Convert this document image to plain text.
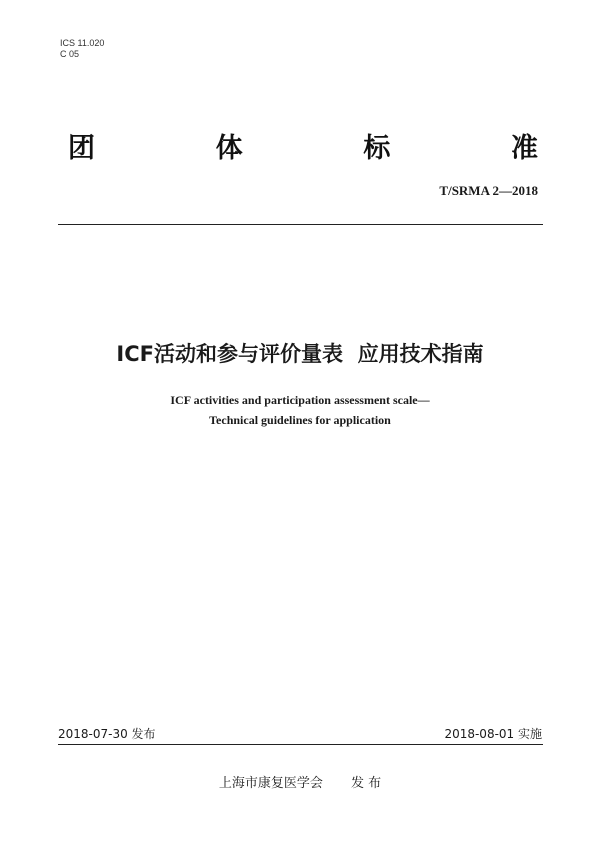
ICS 11.020
C 05
团	体	标	准
T/SRMA 2—2018
ICF活动和参与评价量表  应用技术指南
ICF activities and participation assessment scale—
Technical guidelines for application
2018-07-30 发布	2018-08-01 实施
上海市康复医学会 发 布
